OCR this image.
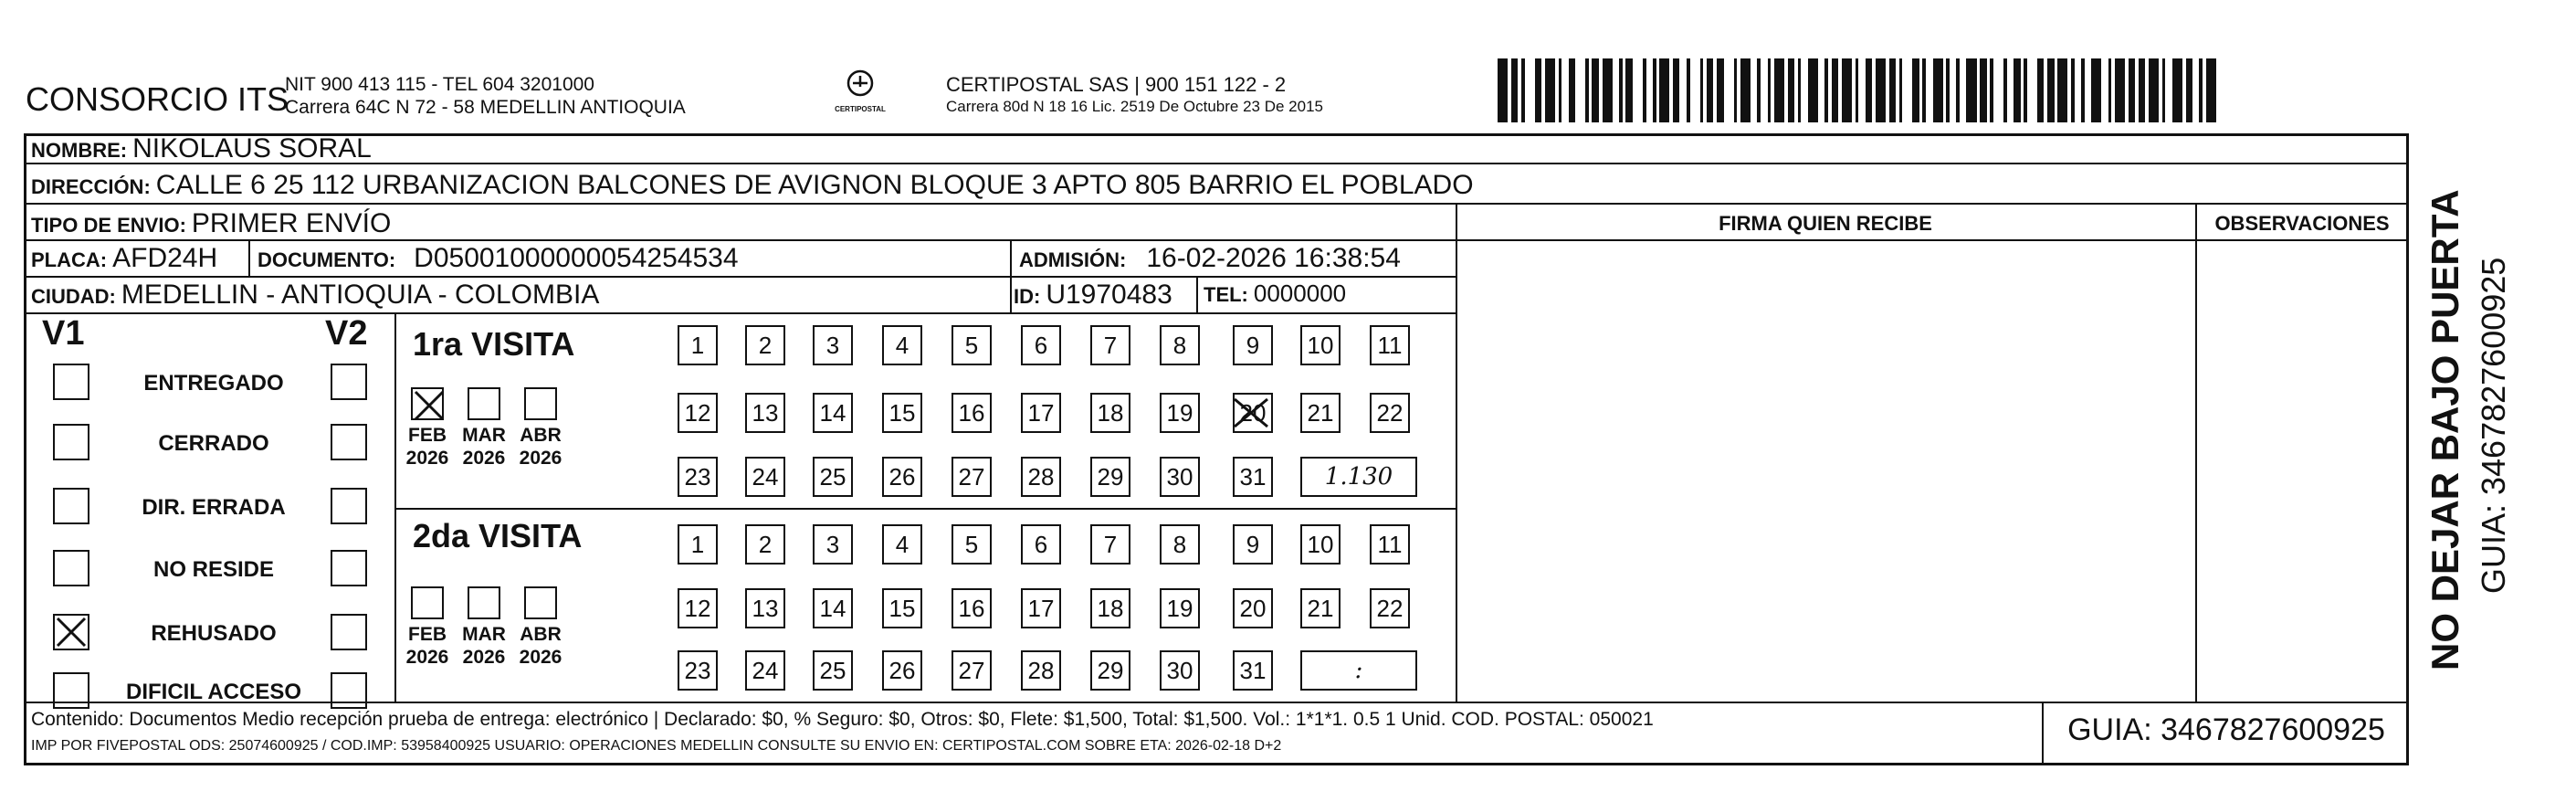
CONSORCIO ITS
NIT 900 413 115 - TEL 604 3201000
Carrera 64C N 72 - 58 MEDELLIN ANTIOQUIA	CERTIPOSTAL
CERTIPOSTAL SAS | 900 151 122 - 2
Carrera 80d N 18 16 Lic. 2519 De Octubre 23 De 2015
NOMBRE: NIKOLAUS SORAL
DIRECCIÓN: CALLE 6 25 112 URBANIZACION BALCONES DE AVIGNON BLOQUE 3 APTO 805 BARRIO EL POBLADO
TIPO DE ENVIO: PRIMER ENVÍO	FIRMA QUIEN RECIBE	OBSERVACIONES
PLACA: AFD24H DOCUMENTO: D05001000000054254534	ADMISIÓN: 16-02-2026 16:38:54
CIUDAD: MEDELLIN - ANTIOQUIA - COLOMBIA	ID: U1970483 TEL: 0000000
V1	V2
ENTREGADO
CERRADO
DIR. ERRADA
NO RESIDE
REHUSADO
DIFICIL ACCESO
1ra VISITA
2da VISITA
FEB
2026
MAR
2026
ABR
2026
FEB
2026
MAR
2026
ABR
2026
1	2	3	4	5	6	7	8	9	10	11
12 13 14 15 16 17 18 19 20 21 22
23 24 25 26 27 28 29 30 31	1.130
1	2	3	4	5	6	7	8	9	10	11
12 13 14 15 16 17 18 19 20 21 22
23 24 25 26 27 28 29 30 31	:
Contenido: Documentos Medio recepción prueba de entrega: electrónico | Declarado: $0, % Seguro: $0, Otros: $0, Flete: $1,500, Total: $1,500. Vol.: 1*1*1. 0.5 1 Unid. COD. POSTAL: 050021
IMP POR FIVEPOSTAL ODS: 25074600925 / COD.IMP: 53958400925 USUARIO: OPERACIONES MEDELLIN CONSULTE SU ENVIO EN: CERTIPOSTAL.COM SOBRE ETA: 2026-02-18 D+2	GUIA: 3467827600925
NO DEJAR BAJO PUERTA GUIA: 3467827600925
